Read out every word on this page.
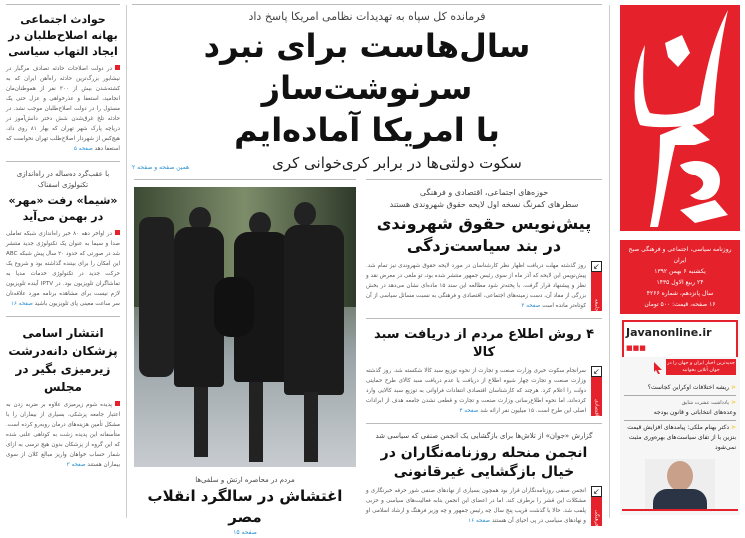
حوادث اجتماعی بهانه اصلاح‌طلبان در ایجاد التهاب سیاسی
در دولت اصلاحات حادثه تصادف مرگبار در نیشابور بزرگ‌ترین حادثه راه‌آهن ایران که به کشته‌شدن بیش از ۳۰۰ نفر از هموطنان‌مان انجامید، استعفا و عذرخواهی و عزل حتی یک مسئول را در دولت اصلاح‌طلبان موجب نشد. در حادثه تلخ غرق‌شدن شش دختر دانش‌آموز در دریاچه پارک شهر تهران که بهار ۸۱ روی داد، هیچ‌کس از شهردار اصلاح‌طلب تهران نخواست که استعفا دهد صفحه ۵
با عقب‌گرد ده‌ساله در راه‌اندازی تکنولوژی اسفناک
«شیما» رفت «مهر» در بهمن می‌آید
در اواخر دهه ۸۰ خبر راه‌اندازی شبکه تعاملی صدا و سیما به عنوان یک تکنولوژی جدید منتشر شد در صورتی که حدود ۲۰ سال پیش شبکه ABC این امکان را برای بیننده گذاشته بود و شروع یک حرکت جدید در تکنولوژی خدمات مدیا به تماشاگران تلویزیون بود. در IPTV آینده تلویزیون لازم نیست برای مشاهده برنامه مورد علاقه‌تان سر ساعت معینی پای تلویزیون باشید صفحه ۱۶
انتشار اسامی پزشکان دانه‌درشت زیرمیزی بگیر در مجلس
پدیده شوم زیرمیزی علاوه بر ضربه زدن به اعتبار جامعه پزشکی، بسیاری از بیماران را با مشکل تأمین هزینه‌های درمان روبه‌رو کرده است. متأسفانه این پدیده زشت به کوتاهی علنی شده که این گروه از پزشکان بدون هیچ ترسی به ازای شمار حساب خواهان واریز مبالغ کلان از سوی بیماران هستند صفحه ۳
فرمانده کل سپاه به تهدیدات نظامی امریکا پاسخ داد
سال‌هاست برای نبرد سرنوشت‌ساز
با امریکا آماده‌ایم
سکوت دولتی‌ها در برابر کری‌خوانی کری
همین صفحه و صفحه ۲
حوزه‌های اجتماعی، اقتصادی و فرهنگی
سطرهای کمرنگ نسخه اول لایحه حقوق شهروندی هستند
پیش‌نویس حقوق شهروندی در بند سیاست‌زدگی
↙
جامعه
روز گذشته مهلت دریافت اظهار نظر کارشناسان در مورد لایحه حقوق شهروندی نیز تمام شد. پیش‌نویس این لایحه که آذر ماه از سوی رئیس جمهور منتشر شده بود، تو ملغی در معرض نقد و نظر و پیشنهاد قرار گرفت. با پخته‌تر شود مطالعه این سند ۱۵ ماده‌ای نشان می‌دهد در بخش بزرگی از مفاد آن، دست زمینه‌های اجتماعی، اقتصادی و فرهنگی به نسبت مسائل سیاسی از آن کوتاه‌تر مانده است صفحه ۳
۴ روش اطلاع مردم از دریافت سبد کالا
↙
اقتصادی
سرانجام سکوت خبری وزارت صنعت و تجارت از نحوه توزیع سبد کالا شکسته شد. روز گذشته وزارت صنعت و تجارت چهار شیوه اطلاع از دریافت یا عدم دریافت سبد کالای طرح حمایتی دولت را اعلام کرد. هرچند که کارشناسان اقتصادی انتقادات فراوانی به توزیع سبد کالایی وارد کرده‌اند، اما نحوه اطلاع‌رسانی وزارت صنعت و تجارت و قطعی نشدن جامعه هدف از ابرادات اصلی این طرح است. ۱۵ میلیون نفر ارائه شد صفحه ۴
گزارش «جوان» از تلاش‌ها برای بازگشایی یک انجمن صنفی که سیاسی شد
انجمن منحله روزنامه‌نگاران در خیال بازگشایی غیرقانونی
↙
فرهنگی
انجمن صنفی روزنامه‌نگاران قرار بود همچون بسیاری از نهادهای صنفی شور حرفه خبرنگاری و مشکلات این قشر را برطرف کند. اما در اعضای این انجمن بنابه فعالیت‌های سیاسی و حزبی پلمب شد. حالا با گذشت قریب پنج سال چه رئیس جمهور و چه وزیر فرهنگ و ارشاد اسلامی او و نهادهای سیاسی در پی احیای آن هستند صفحه ۱۶
مردم در محاصره ارتش و سلفی‌ها
اغتشاش در سالگرد انقلاب مصر
صفحه ۱۵
روزنامه سیاسی، اجتماعی و فرهنگی صبح ایران
یکشنبه ۶ بهمن ۱۳۹۲
۲۴ ربیع الاول ۱۴۳۵
سال پانزدهم، شماره ۴۲۶۶
۱۶ صفحه، قیمت: ۵۰۰ تومان
Javanonline.ir ■■■
جدیدترین اخبار ایران و جهان را در جوان آنلاین بخوانید
⋖ ریشه اختلافات اوکراین کجاست؟
⋖ یادداشت عشرت شایق
وعده‌های انتخاباتی و قانون بودجه
⋖ دکتر بهنام ملکی: پیامدهای افزایش قیمت بنزین با از تفای سیاست‌های بهره‌وری مثبت نمی‌شود
